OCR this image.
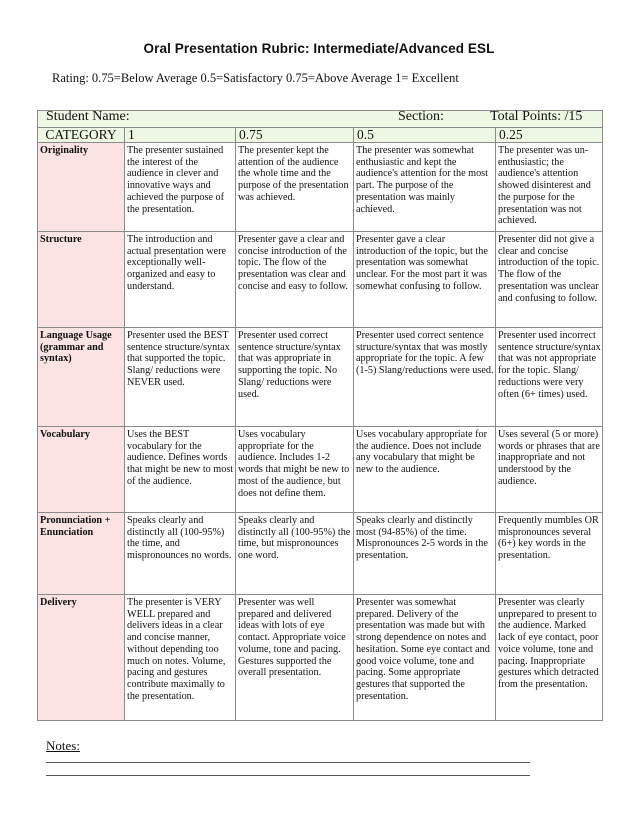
Oral Presentation Rubric: Intermediate/Advanced ESL
Rating: 0.75=Below Average 0.5=Satisfactory 0.75=Above Average 1= Excellent
Student Name: Section: Total Points: /15				

CATEGORY	1	0.75	0.5	0.25
Originality	The presenter sustained the interest of the audience in clever and innovative ways and achieved the purpose of the presentation.	The presenter kept the attention of the audience the whole time and the purpose of the presentation was achieved.	The presenter was somewhat enthusiastic and kept the audience's attention for the most part. The purpose of the presentation was mainly achieved.	The presenter was un-enthusiastic; the audience's attention showed disinterest and the purpose for the presentation was not achieved.
Structure	The introduction and actual presentation were exceptionally well- organized and easy to understand.	Presenter gave a clear and concise introduction of the topic. The flow of the presentation was clear and concise and easy to follow.	Presenter gave a clear introduction of the topic, but the presentation was somewhat unclear. For the most part it was somewhat confusing to follow.	Presenter did not give a clear and concise introduction of the topic. The flow of the presentation was unclear and confusing to follow.
Language Usage (grammar and syntax)	Presenter used the BEST sentence structure/syntax that supported the topic. Slang/ reductions were NEVER used.	Presenter used correct sentence structure/syntax that was appropriate in supporting the topic. No Slang/ reductions were used.	Presenter used correct sentence structure/syntax that was mostly appropriate for the topic. A few (1-5) Slang/reductions were used.	Presenter used incorrect sentence structure/syntax that was not appropriate for the topic. Slang/ reductions were very often (6+ times) used.
Vocabulary	Uses the BEST vocabulary for the audience. Defines words that might be new to most of the audience.	Uses vocabulary appropriate for the audience. Includes 1-2 words that might be new to most of the audience, but does not define them.	Uses vocabulary appropriate for the audience. Does not include any vocabulary that might be new to the audience.	Uses several (5 or more) words or phrases that are inappropriate and not understood by the audience.
Pronunciation + Enunciation	Speaks clearly and distinctly all (100-95%) the time, and mispronounces no words.	Speaks clearly and distinctly all (100-95%) the time, but mispronounces one word.	Speaks clearly and distinctly most (94-85%) of the time. Mispronounces 2-5 words in the presentation.	Frequently mumbles OR mispronounces several (6+) key words in the presentation.
Delivery	The presenter is VERY WELL prepared and delivers ideas in a clear and concise manner, without depending too much on notes. Volume, pacing and gestures contribute maximally to the presentation.	Presenter was well prepared and delivered ideas with lots of eye contact. Appropriate voice volume, tone and pacing. Gestures supported the overall presentation.	Presenter was somewhat prepared. Delivery of the presentation was made but with strong dependence on notes and hesitation. Some eye contact and good voice volume, tone and pacing. Some appropriate gestures that supported the presentation.	Presenter was clearly unprepared to present to the audience. Marked lack of eye contact, poor voice volume, tone and pacing. Inappropriate gestures which detracted from the presentation.
Notes:
